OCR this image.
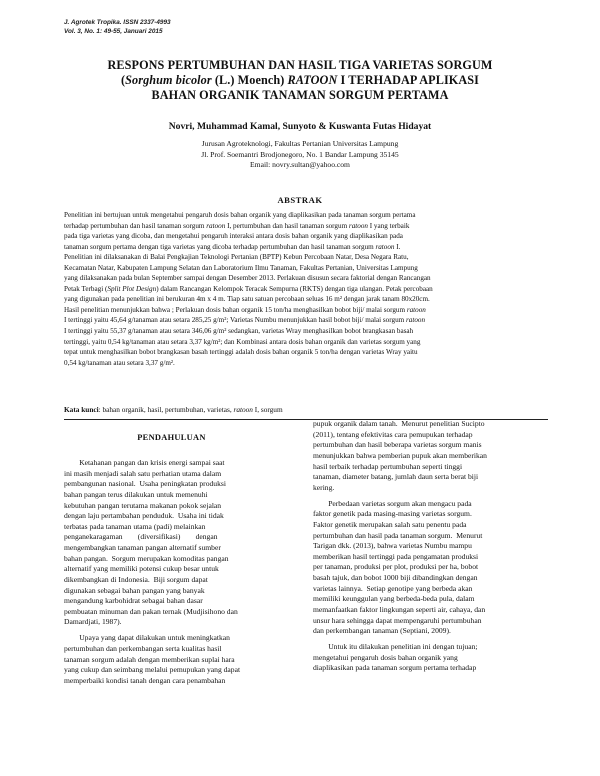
J. Agrotek Tropika. ISSN 2337-4993
Vol. 3, No. 1: 49-55, Januari 2015
RESPONS PERTUMBUHAN DAN HASIL TIGA VARIETAS SORGUM
(Sorghum bicolor (L.) Moench) RATOON I TERHADAP APLIKASI
BAHAN ORGANIK TANAMAN SORGUM PERTAMA
Novri, Muhammad Kamal, Sunyoto & Kuswanta Futas Hidayat
Jurusan Agroteknologi, Fakultas Pertanian Universitas Lampung
Jl. Prof. Soemantri Brodjonegoro, No. 1 Bandar Lampung 35145
Email: novry.sultan@yahoo.com
ABSTRAK
Penelitian ini bertujuan untuk mengetahui pengaruh dosis bahan organik yang diaplikasikan pada tanaman sorgum pertama
terhadap pertumbuhan dan hasil tanaman sorgum ratoon I, pertumbuhan dan hasil tanaman sorgum ratoon I yang terbaik
pada tiga varietas yang dicoba, dan mengetahui pengaruh interaksi antara dosis bahan organik yang diaplikasikan pada
tanaman sorgum pertama dengan tiga varietas yang dicoba terhadap pertumbuhan dan hasil tanaman sorgum ratoon I.
Penelitian ini dilaksanakan di Balai Pengkajian Teknologi Pertanian (BPTP) Kebun Percobaan Natar, Desa Negara Ratu,
Kecamatan Natar, Kabupaten Lampung Selatan dan Laboratorium Ilmu Tanaman, Fakultas Pertanian, Universitas Lampung
yang dilaksanakan pada bulan September sampai dengan Desember 2013. Perlakuan disusun secara faktorial dengan Rancangan
Petak Terbagi (Split Plot Design) dalam Rancangan Kelompok Teracak Sempurna (RKTS) dengan tiga ulangan. Petak percobaan
yang digunakan pada penelitian ini berukuran 4m x 4 m. Tiap satu satuan percobaan seluas 16 m² dengan jarak tanam 80x20cm.
Hasil penelitian menunjukkan bahwa ; Perlakuan dosis bahan organik 15 ton/ha menghasilkan bobot biji/ malai sorgum ratoon
I tertinggi yaitu 45,64 g/tanaman atau setara 285,25 g/m²; Varietas Numbu menunjukkan hasil bobot biji/ malai sorgum ratoon
I tertinggi yaitu 55,37 g/tanaman atau setara 346,06 g/m² sedangkan, varietas Wray menghasilkan bobot brangkasan basah
tertinggi, yaitu 0,54 kg/tanaman atau setara 3,37 kg/m²; dan Kombinasi antara dosis bahan organik dan varietas sorgum yang
tepat untuk menghasilkan bobot brangkasan basah tertinggi adalah dosis bahan organik 5 ton/ha dengan varietas Wray yaitu
0,54 kg/tanaman atau setara 3,37 g/m².
Kata kunci: bahan organik, hasil, pertumbuhan, varietas, ratoon I, sorgum
PENDAHULUAN
Ketahanan pangan dan krisis energi sampai saat
ini masih menjadi salah satu perhatian utama dalam
pembangunan nasional.  Usaha peningkatan produksi
bahan pangan terus dilakukan untuk memenuhi
kebutuhan pangan terutama makanan pokok sejalan
dengan laju pertambahan penduduk.  Usaha ini tidak
terbatas pada tanaman utama (padi) melainkan
penganekaragaman        (diversifikasi)        dengan
mengembangkan tanaman pangan alternatif sumber
bahan pangan.  Sorgum merupakan komoditas pangan
alternatif yang memiliki potensi cukup besar untuk
dikembangkan di Indonesia.  Biji sorgum dapat
digunakan sebagai bahan pangan yang banyak
mengandung karbohidrat sebagai bahan dasar
pembuatan minuman dan pakan ternak (Mudjisihono dan
Damardjati, 1987).
Upaya yang dapat dilakukan untuk meningkatkan
pertumbuhan dan perkembangan serta kualitas hasil
tanaman sorgum adalah dengan memberikan suplai hara
yang cukup dan seimbang melalui pemupukan yang dapat
memperbaiki kondisi tanah dengan cara penambahan
pupuk organik dalam tanah.  Menurut penelitian Sucipto
(2011), tentang efektivitas cara pemupukan terhadap
pertumbuhan dan hasil beberapa varietas sorgum manis
menunjukkan bahwa pemberian pupuk akan memberikan
hasil terbaik terhadap pertumbuhan seperti tinggi
tanaman, diameter batang, jumlah daun serta berat biji
kering.
Perbedaan varietas sorgum akan mengacu pada
faktor genetik pada masing-masing varietas sorgum.
Faktor genetik merupakan salah satu penentu pada
pertumbuhan dan hasil pada tanaman sorgum.  Menurut
Tarigan dkk. (2013), bahwa varietas Numbu mampu
memberikan hasil tertinggi pada pengamatan produksi
per tanaman, produksi per plot, produksi per ha, bobot
basah tajuk, dan bobot 1000 biji dibandingkan dengan
varietas lainnya.  Setiap genotipe yang berbeda akan
memiliki keunggulan yang berbeda-beda pula, dalam
memanfaatkan faktor lingkungan seperti air, cahaya, dan
unsur hara sehingga dapat mempengaruhi pertumbuhan
dan perkembangan tanaman (Septiani, 2009).
Untuk itu dilakukan penelitian ini dengan tujuan;
mengetahui pengaruh dosis bahan organik yang
diaplikasikan pada tanaman sorgum pertama terhadap
